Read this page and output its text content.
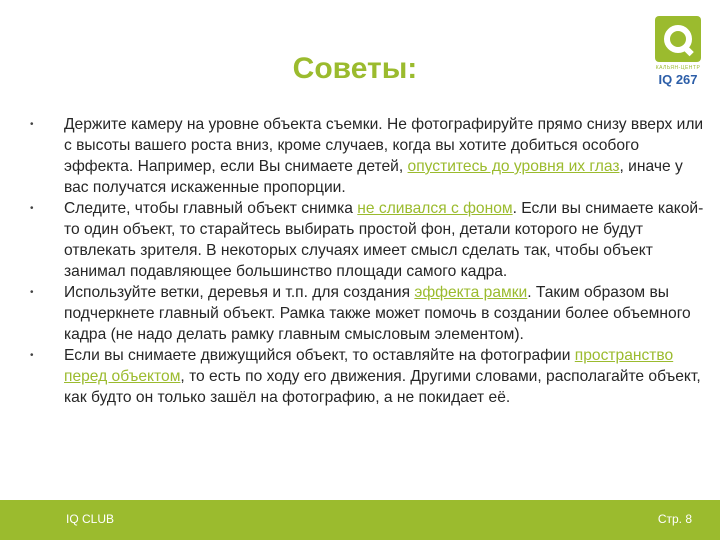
Советы:	КАЛЬЯН-ЦЕНТР
IQ 267
• Держите камеру на уровне объекта съемки. Не фотографируйте прямо снизу вверх или с высоты вашего роста вниз, кроме случаев, когда вы хотите добиться особого эффекта. Например, если Вы снимаете детей, опуститесь до уровня их глаз, иначе у вас получатся искаженные пропорции.
• Следите, чтобы главный объект снимка не сливался с фоном. Если вы снимаете какой-то один объект, то старайтесь выбирать простой фон, детали которого не будут отвлекать зрителя. В некоторых случаях имеет смысл сделать так, чтобы объект занимал подавляющее большинство площади самого кадра.
• Используйте ветки, деревья и т.п. для создания эффекта рамки. Таким образом вы подчеркнете главный объект. Рамка также может помочь в создании более объемного кадра (не надо делать рамку главным смысловым элементом).
• Если вы снимаете движущийся объект, то оставляйте на фотографии пространство перед объектом, то есть по ходу его движения. Другими словами, располагайте объект, как будто он только зашёл на фотографию, а не покидает её.
IQ CLUB	Стр. 8
